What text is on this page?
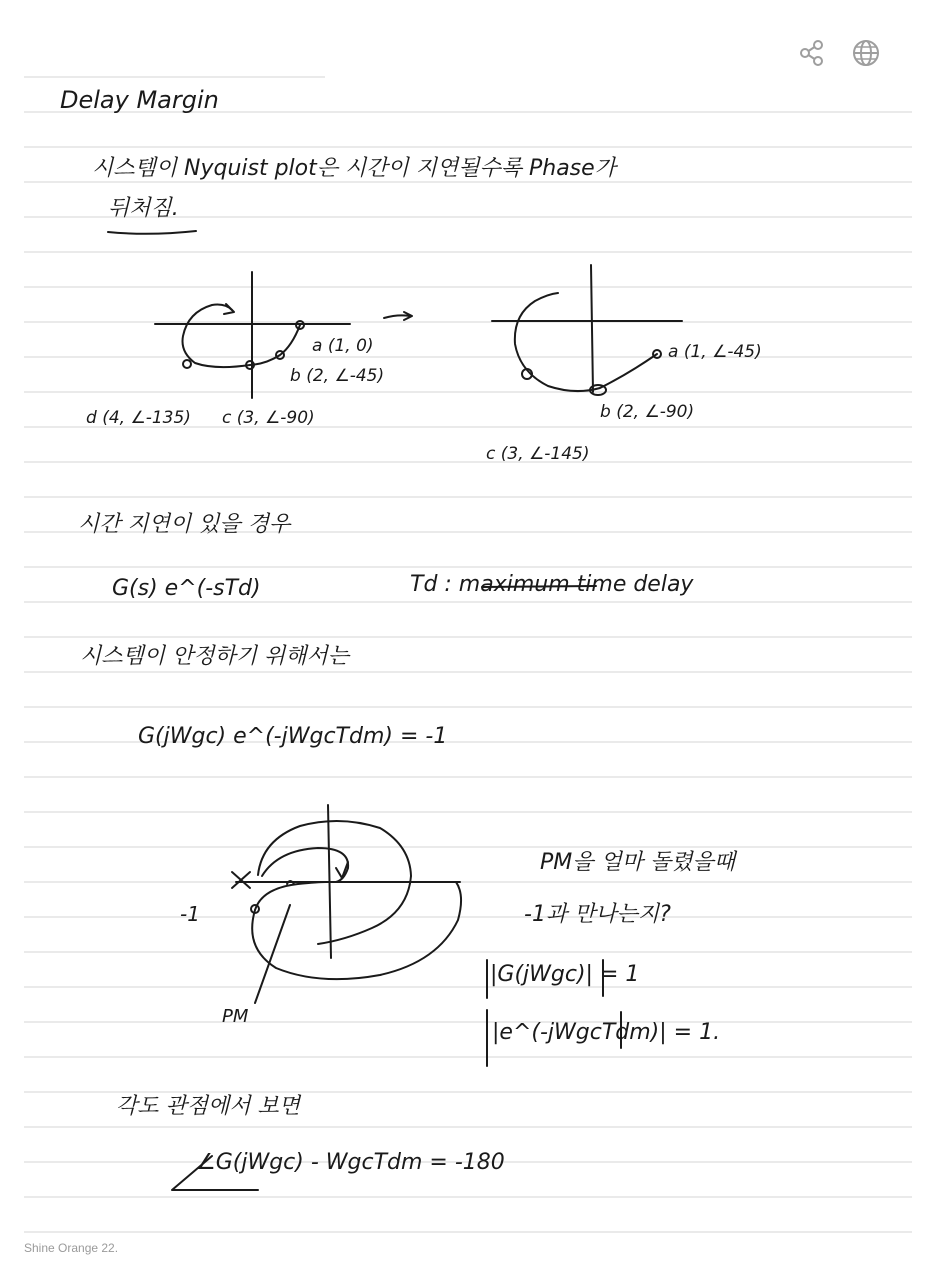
Delay Margin
시스템이 Nyquist plot은 시간이 지연될수록 Phase가
뒤처짐.
a (1, 0)
b (2, ∠-45)
c (3, ∠-90)
d (4, ∠-135)
a (1, ∠-45)
b (2, ∠-90)
c (3, ∠-145)
시간 지연이 있을 경우
G(s) e^(-sTd)	Td : maximum time delay
시스템이 안정하기 위해서는
G(jWgc) e^(-jWgcTdm) = -1
-1
PM
PM을 얼마 돌렸을때
-1과 만나는지?
|G(jWgc)| = 1
|e^(-jWgcTdm)| = 1.
각도 관점에서 보면
∠G(jWgc) - WgcTdm = -180
Shine Orange 22.
